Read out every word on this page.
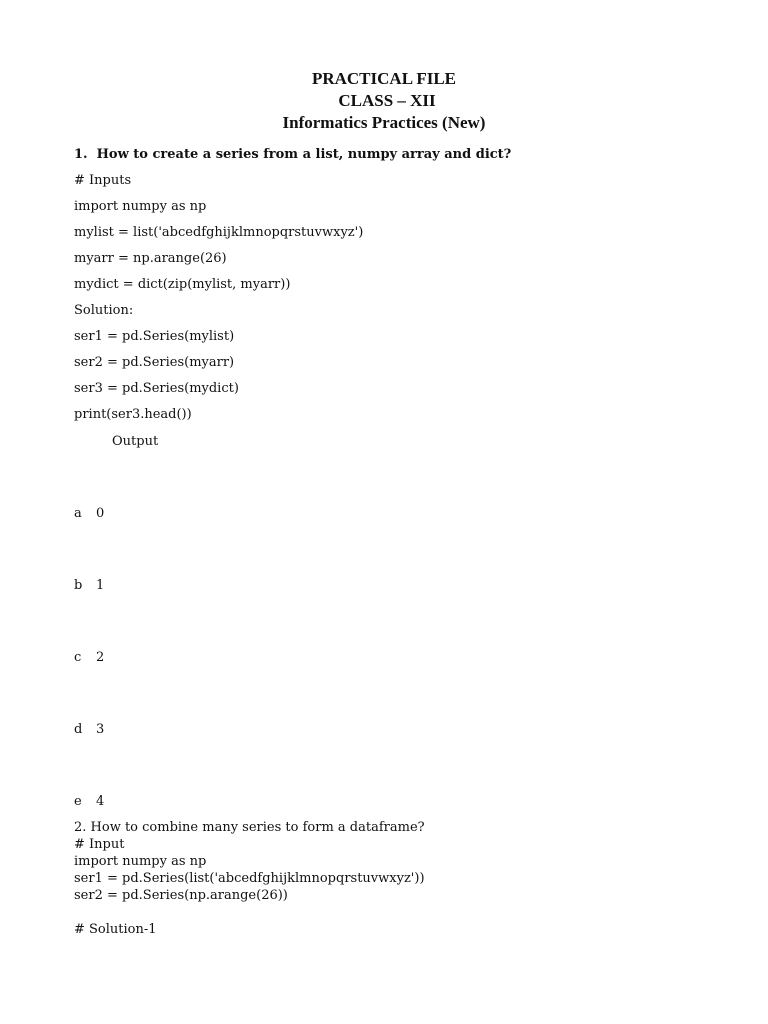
PRACTICAL FILE
CLASS – XII
Informatics Practices (New)
1.  How to create a series from a list, numpy array and dict?
# Inputs
import numpy as np
mylist = list('abcedfghijklmnopqrstuvwxyz')
myarr = np.arange(26)
mydict = dict(zip(mylist, myarr))
Solution:
ser1 = pd.Series(mylist)
ser2 = pd.Series(myarr)
ser3 = pd.Series(mydict)
print(ser3.head())
Output
a 0
b 1
c 2
d 3
e 4
2. How to combine many series to form a dataframe?
# Input
import numpy as np
ser1 = pd.Series(list('abcedfghijklmnopqrstuvwxyz'))
ser2 = pd.Series(np.arange(26))
# Solution-1
